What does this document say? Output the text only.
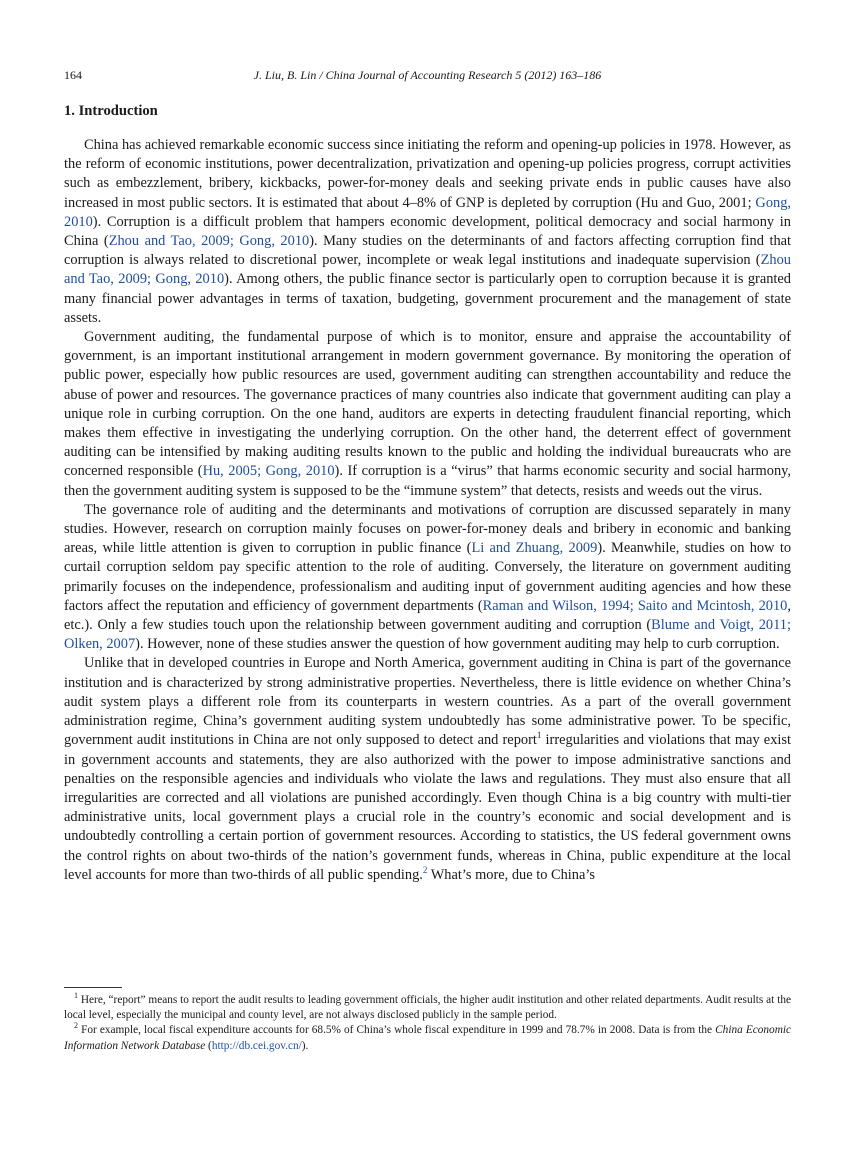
164	J. Liu, B. Lin / China Journal of Accounting Research 5 (2012) 163–186
1. Introduction

China has achieved remarkable economic success since initiating the reform and opening-up policies in 1978. However, as the reform of economic institutions, power decentralization, privatization and opening-up policies progress, corrupt activities such as embezzlement, bribery, kickbacks, power-for-money deals and seeking private ends in public causes have also increased in most public sectors. It is estimated that about 4–8% of GNP is depleted by corruption (Hu and Guo, 2001; Gong, 2010). Corruption is a difficult problem that hampers economic development, political democracy and social harmony in China (Zhou and Tao, 2009; Gong, 2010). Many studies on the determinants of and factors affecting corruption find that corruption is always related to discretional power, incomplete or weak legal institutions and inadequate supervision (Zhou and Tao, 2009; Gong, 2010). Among others, the public finance sector is particularly open to corruption because it is granted many financial power advantages in terms of taxation, budgeting, government procurement and the management of state assets.

Government auditing, the fundamental purpose of which is to monitor, ensure and appraise the accountability of government, is an important institutional arrangement in modern government governance. By monitoring the operation of public power, especially how public resources are used, government auditing can strengthen accountability and reduce the abuse of power and resources. The governance practices of many countries also indicate that government auditing can play a unique role in curbing corruption. On the one hand, auditors are experts in detecting fraudulent financial reporting, which makes them effective in investigating the underlying corruption. On the other hand, the deterrent effect of government auditing can be intensified by making auditing results known to the public and holding the individual bureaucrats who are concerned responsible (Hu, 2005; Gong, 2010). If corruption is a “virus” that harms economic security and social harmony, then the government auditing system is supposed to be the “immune system” that detects, resists and weeds out the virus.

The governance role of auditing and the determinants and motivations of corruption are discussed separately in many studies. However, research on corruption mainly focuses on power-for-money deals and bribery in economic and banking areas, while little attention is given to corruption in public finance (Li and Zhuang, 2009). Meanwhile, studies on how to curtail corruption seldom pay specific attention to the role of auditing. Conversely, the literature on government auditing primarily focuses on the independence, professionalism and auditing input of government auditing agencies and how these factors affect the reputation and efficiency of government departments (Raman and Wilson, 1994; Saito and Mcintosh, 2010, etc.). Only a few studies touch upon the relationship between government auditing and corruption (Blume and Voigt, 2011; Olken, 2007). However, none of these studies answer the question of how government auditing may help to curb corruption.

Unlike that in developed countries in Europe and North America, government auditing in China is part of the governance institution and is characterized by strong administrative properties. Nevertheless, there is little evidence on whether China’s audit system plays a different role from its counterparts in western countries. As a part of the overall government administration regime, China’s government auditing system undoubtedly has some administrative power. To be specific, government audit institutions in China are not only supposed to detect and report$^1$ irregularities and violations that may exist in government accounts and statements, they are also authorized with the power to impose administrative sanctions and penalties on the responsible agencies and individuals who violate the laws and regulations. They must also ensure that all irregularities are corrected and all violations are punished accordingly. Even though China is a big country with multi-tier administrative units, local government plays a crucial role in the country’s economic and social development and is undoubtedly controlling a certain portion of government resources. According to statistics, the US federal government owns the control rights on about two-thirds of the nation’s government funds, whereas in China, public expenditure at the local level accounts for more than two-thirds of all public spending.$^2$ What’s more, due to China’s

$^1$ Here, “report” means to report the audit results to leading government officials, the higher audit institution and other related departments. Audit results at the local level, especially the municipal and county level, are not always disclosed publicly in the sample period.

$^2$ For example, local fiscal expenditure accounts for 68.5% of China’s whole fiscal expenditure in 1999 and 78.7% in 2008. Data is from the China Economic Information Network Database (http://db.cei.gov.cn/).
